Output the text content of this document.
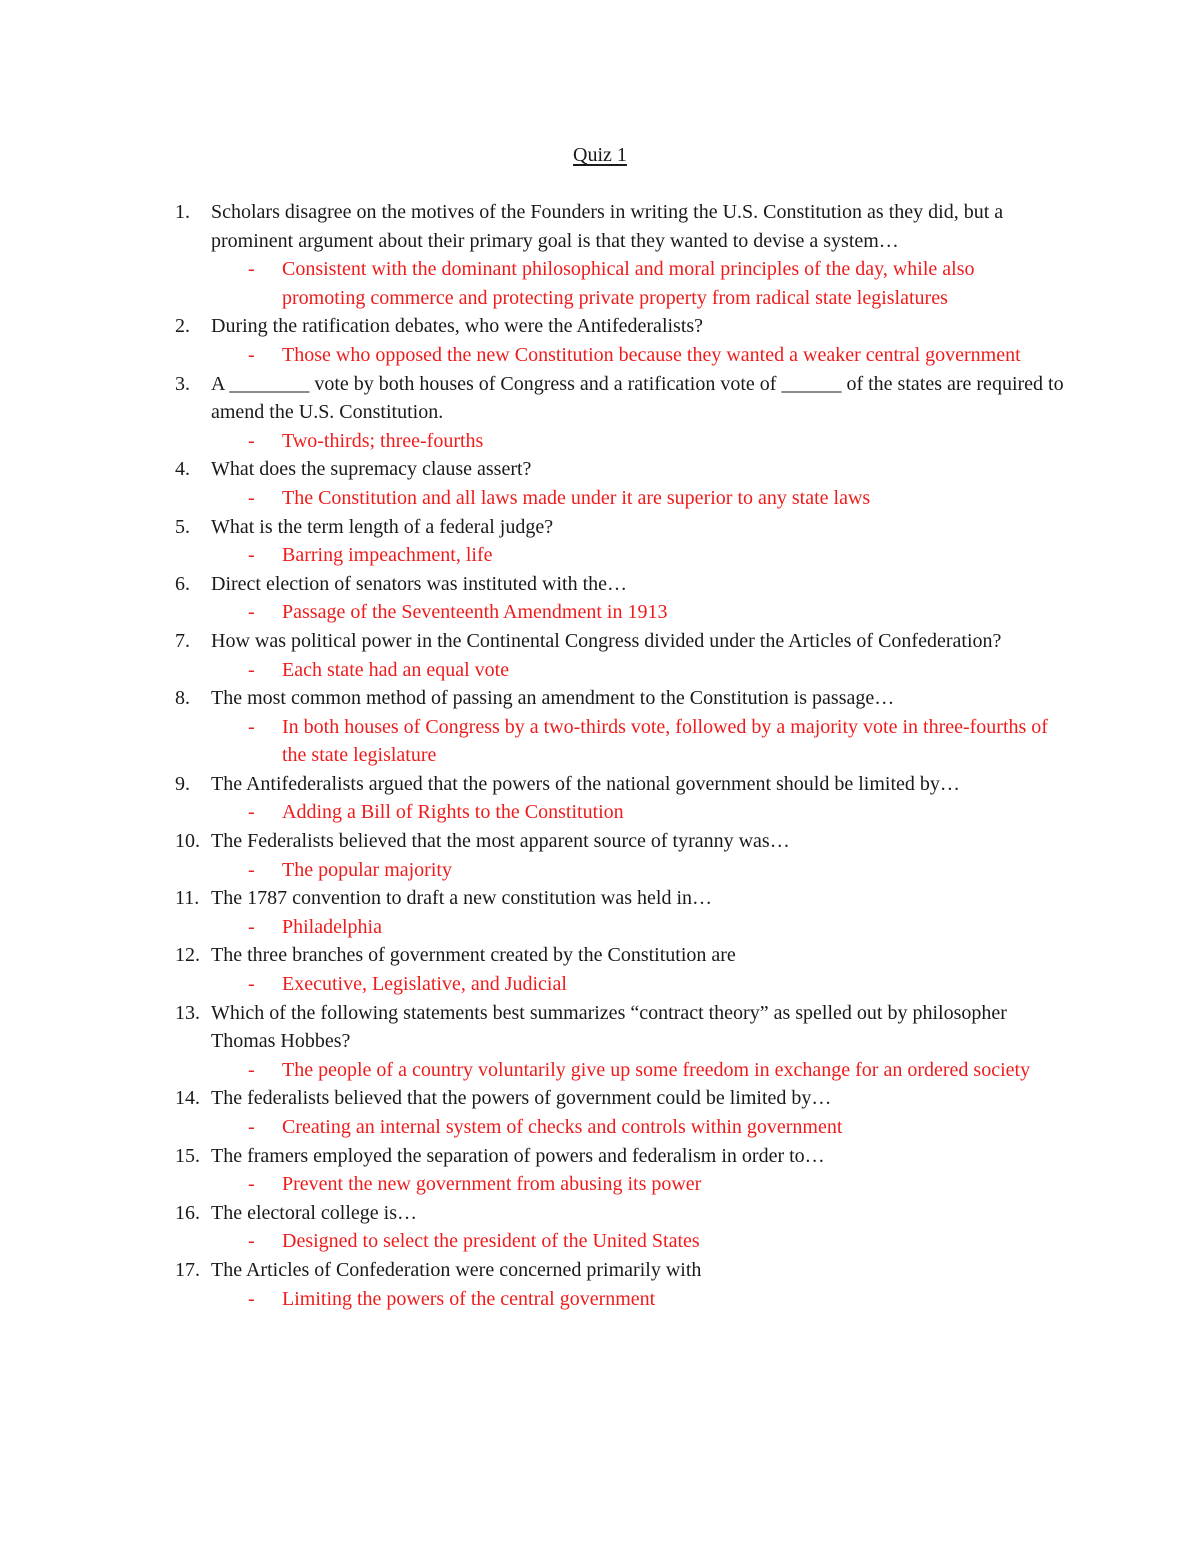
Quiz 1
1. Scholars disagree on the motives of the Founders in writing the U.S. Constitution as they did, but a prominent argument about their primary goal is that they wanted to devise a system…
- Consistent with the dominant philosophical and moral principles of the day, while also promoting commerce and protecting private property from radical state legislatures
2. During the ratification debates, who were the Antifederalists?
- Those who opposed the new Constitution because they wanted a weaker central government
3. A ________ vote by both houses of Congress and a ratification vote of ______ of the states are required to amend the U.S. Constitution.
- Two-thirds; three-fourths
4. What does the supremacy clause assert?
- The Constitution and all laws made under it are superior to any state laws
5. What is the term length of a federal judge?
- Barring impeachment, life
6. Direct election of senators was instituted with the…
- Passage of the Seventeenth Amendment in 1913
7. How was political power in the Continental Congress divided under the Articles of Confederation?
- Each state had an equal vote
8. The most common method of passing an amendment to the Constitution is passage…
- In both houses of Congress by a two-thirds vote, followed by a majority vote in three-fourths of the state legislature
9. The Antifederalists argued that the powers of the national government should be limited by…
- Adding a Bill of Rights to the Constitution
10. The Federalists believed that the most apparent source of tyranny was…
- The popular majority
11. The 1787 convention to draft a new constitution was held in…
- Philadelphia
12. The three branches of government created by the Constitution are
- Executive, Legislative, and Judicial
13. Which of the following statements best summarizes “contract theory” as spelled out by philosopher Thomas Hobbes?
- The people of a country voluntarily give up some freedom in exchange for an ordered society
14. The federalists believed that the powers of government could be limited by…
- Creating an internal system of checks and controls within government
15. The framers employed the separation of powers and federalism in order to…
- Prevent the new government from abusing its power
16. The electoral college is…
- Designed to select the president of the United States
17. The Articles of Confederation were concerned primarily with
- Limiting the powers of the central government
